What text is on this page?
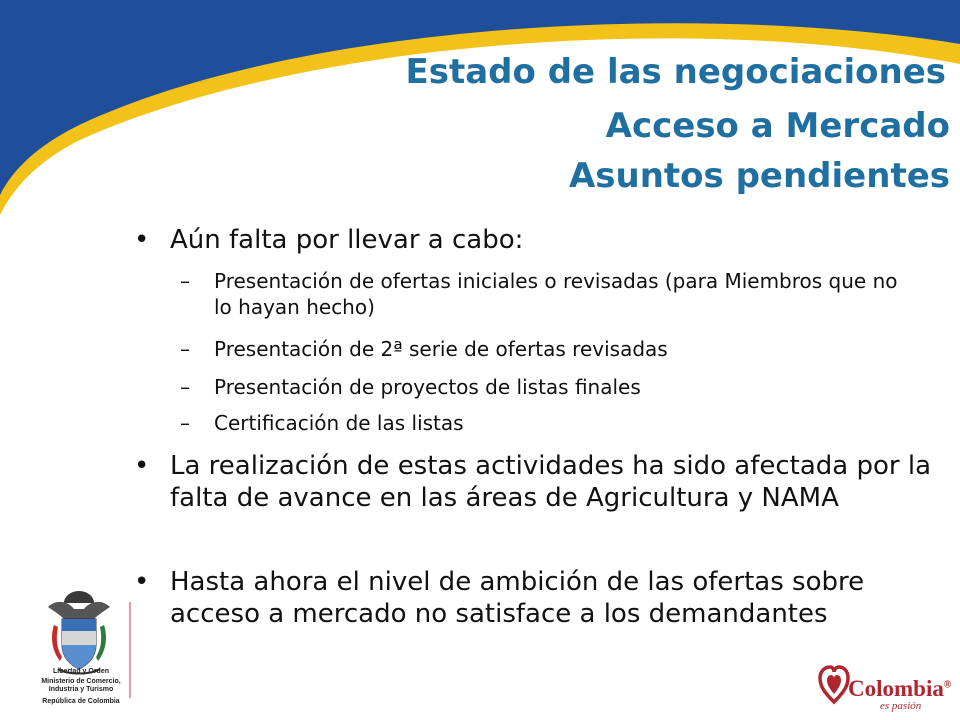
Estado de las negociaciones
Acceso a Mercado
Asuntos pendientes
• Aún falta por llevar a cabo:
– Presentación de ofertas iniciales o revisadas (para Miembros que no lo hayan hecho)
– Presentación de 2ª serie de ofertas revisadas
– Presentación de proyectos de listas finales
– Certificación de las listas
• La realización de estas actividades ha sido afectada por la falta de avance en las áreas de Agricultura y NAMA
• Hasta ahora el nivel de ambición de las ofertas sobre acceso a mercado no satisface a los demandantes
Libertad y Orden
Ministerio de Comercio, Industria y Turismo
República de Colombia
Colombia®
es pasión
